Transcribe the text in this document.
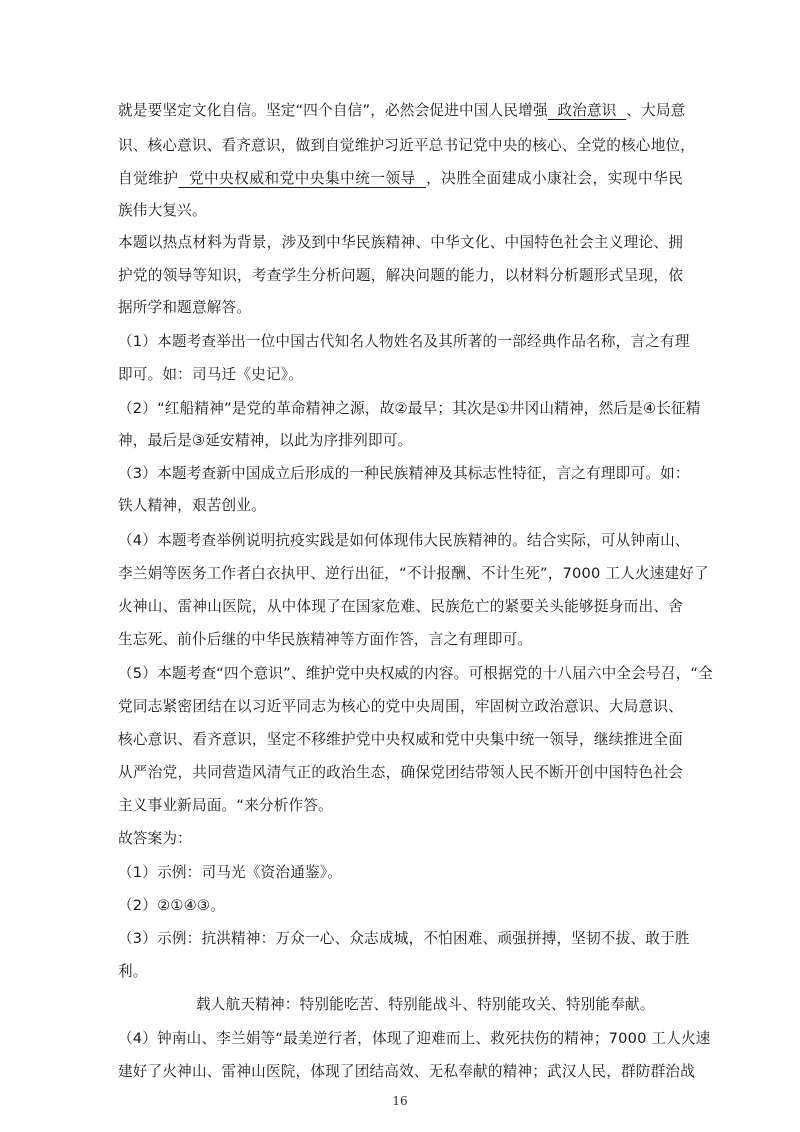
就是要坚定文化自信。坚定“四个自信”，必然会促进中国人民增强  政治意识  、大局意
识、核心意识、看齐意识，做到自觉维护习近平总书记党中央的核心、全党的核心地位，
自觉维护  党中央权威和党中央集中统一领导  ，决胜全面建成小康社会，实现中华民
族伟大复兴。
本题以热点材料为背景，涉及到中华民族精神、中华文化、中国特色社会主义理论、拥
护党的领导等知识，考查学生分析问题，解决问题的能力，以材料分析题形式呈现，依
据所学和题意解答。
（1）本题考查举出一位中国古代知名人物姓名及其所著的一部经典作品名称，言之有理
即可。如：司马迁《史记》。
（2）“红船精神”是党的革命精神之源，故②最早；其次是①井冈山精神，然后是④长征精
神，最后是③延安精神，以此为序排列即可。
（3）本题考查新中国成立后形成的一种民族精神及其标志性特征，言之有理即可。如：
铁人精神，艰苦创业。
（4）本题考查举例说明抗疫实践是如何体现伟大民族精神的。结合实际，可从钟南山、
李兰娟等医务工作者白衣执甲、逆行出征，“不计报酬、不计生死”，7000 工人火速建好了
火神山、雷神山医院，从中体现了在国家危难、民族危亡的紧要关头能够挺身而出、舍
生忘死、前仆后继的中华民族精神等方面作答，言之有理即可。
（5）本题考查“四个意识”、维护党中央权威的内容。可根据党的十八届六中全会号召，“全
党同志紧密团结在以习近平同志为核心的党中央周围，牢固树立政治意识、大局意识、
核心意识、看齐意识，坚定不移维护党中央权威和党中央集中统一领导，继续推进全面
从严治党，共同营造风清气正的政治生态，确保党团结带领人民不断开创中国特色社会
主义事业新局面。“来分析作答。
故答案为：
（1）示例：司马光《资治通鉴》。
（2）②①④③。
（3）示例：抗洪精神：万众一心、众志成城，不怕困难、顽强拼搏，坚韧不拔、敢于胜
利。
载人航天精神：特别能吃苦、特别能战斗、特别能攻关、特别能奉献。
（4）钟南山、李兰娟等“最美逆行者，体现了迎难而上、救死扶伤的精神；7000 工人火速
建好了火神山、雷神山医院，体现了团结高效、无私奉献的精神；武汉人民，群防群治战
16
